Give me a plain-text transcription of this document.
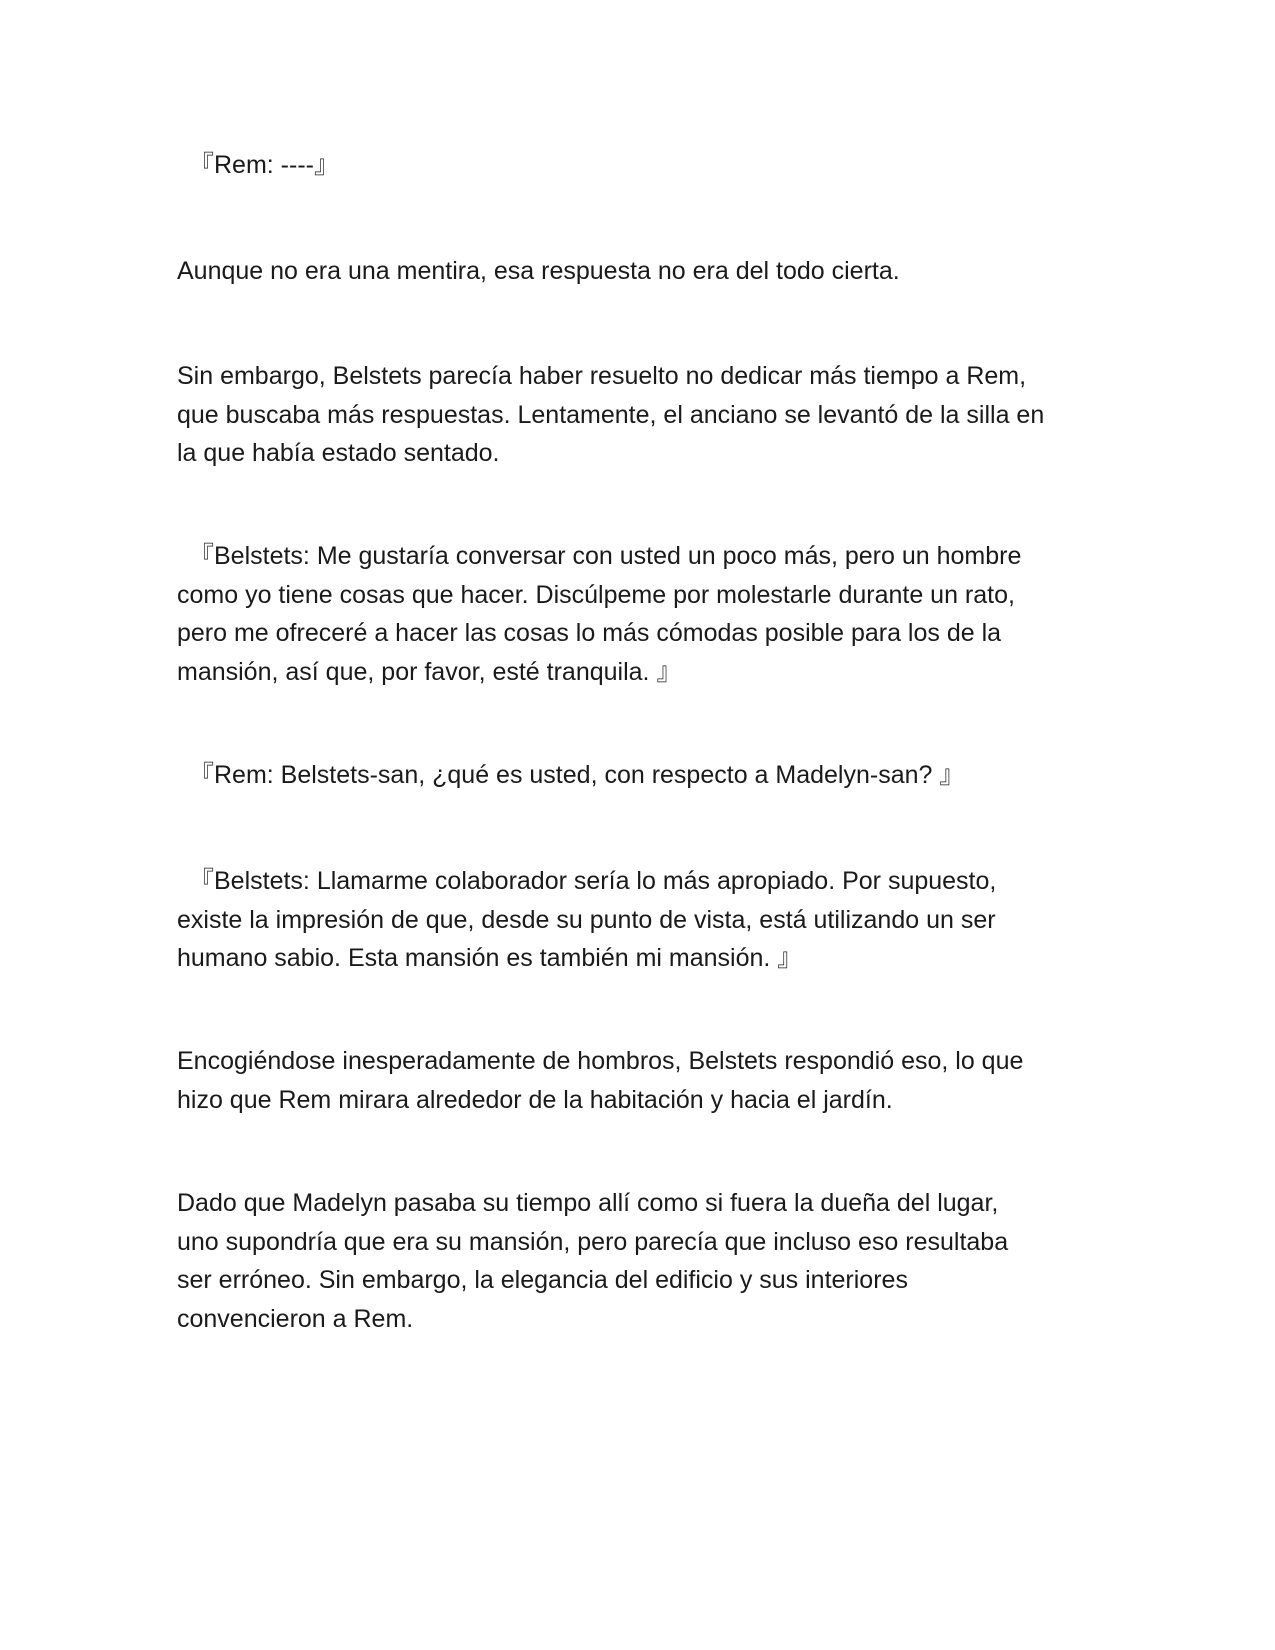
『Rem: ----』
Aunque no era una mentira, esa respuesta no era del todo cierta.
Sin embargo, Belstets parecía haber resuelto no dedicar más tiempo a Rem,
que buscaba más respuestas. Lentamente, el anciano se levantó de la silla en
la que había estado sentado.
『Belstets: Me gustaría conversar con usted un poco más, pero un hombre
como yo tiene cosas que hacer. Discúlpeme por molestarle durante un rato,
pero me ofreceré a hacer las cosas lo más cómodas posible para los de la
mansión, así que, por favor, esté tranquila. 』
『Rem: Belstets-san, ¿qué es usted, con respecto a Madelyn-san? 』
『Belstets: Llamarme colaborador sería lo más apropiado. Por supuesto,
existe la impresión de que, desde su punto de vista, está utilizando un ser
humano sabio. Esta mansión es también mi mansión. 』
Encogiéndose inesperadamente de hombros, Belstets respondió eso, lo que
hizo que Rem mirara alrededor de la habitación y hacia el jardín.
Dado que Madelyn pasaba su tiempo allí como si fuera la dueña del lugar,
uno supondría que era su mansión, pero parecía que incluso eso resultaba
ser erróneo. Sin embargo, la elegancia del edificio y sus interiores
convencieron a Rem.
